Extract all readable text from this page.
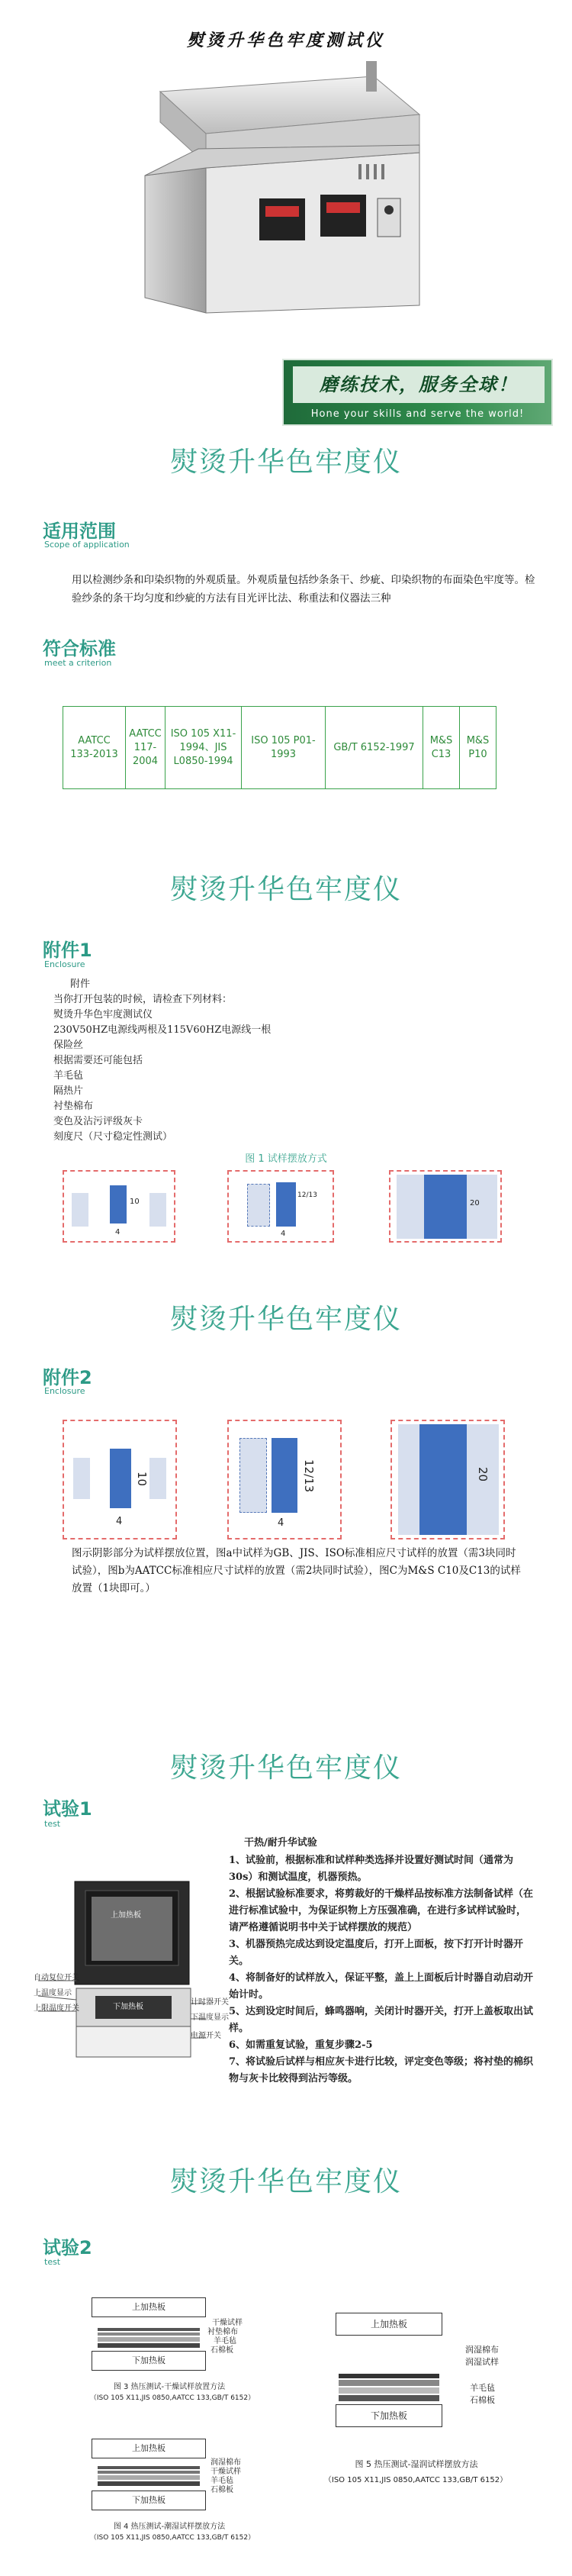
熨烫升华色牢度测试仪
磨练技术，服务全球！
Hone your skills and serve the world!
熨烫升华色牢度仪
适用范围
Scope of application
用以检测纱条和印染织物的外观质量。外观质量包括纱条条干、纱疵、印染织物的布面染色牢度等。检验纱条的条干均匀度和纱疵的方法有目光评比法、称重法和仪器法三种
符合标准
meet a criterion
AATCC 133-2013	AATCC 117-2004	ISO 105 X11-1994、JIS L0850-1994	ISO 105 P01-1993	GB/T 6152-1997	M&S C13	M&S P10
熨烫升华色牢度仪
附件1
Enclosure
附件
当你打开包装的时候，请检查下列材料：
熨烫升华色牢度测试仪
230V50HZ电源线两根及115V60HZ电源线一根
保险丝
根据需要还可能包括
羊毛毡
隔热片
衬垫棉布
变色及沾污评级灰卡
刻度尺（尺寸稳定性测试）
图 1 试样摆放方式
10
4
12/13
4
20
熨烫升华色牢度仪
附件2
Enclosure
10
4
12/13
4
20
图示阴影部分为试样摆放位置，图a中试样为GB、JIS、ISO标准相应尺寸试样的放置（需3块同时试验），图b为AATCC标准相应尺寸试样的放置（需2块同时试验），图C为M&S C10及C13的试样放置（1块即可。）
熨烫升华色牢度仪
试验1
test
上加热板
下加热板
自动复位开关
上温度显示
上限温度开关
计时器开关
下温度显示
电源开关
干热/耐升华试验
1、试验前，根据标准和试样种类选择并设置好测试时间（通常为30s）和测试温度，机器预热。
2、根据试验标准要求，将剪裁好的干燥样品按标准方法制备试样（在进行标准试验中，为保证织物上方压强准确，在进行多试样试验时，请严格遵循说明书中关于试样摆放的规范）
3、机器预热完成达到设定温度后，打开上面板，按下打开计时器开关。
4、将制备好的试样放入，保证平整，盖上上面板后计时器自动启动开始计时。
5、达到设定时间后，蜂鸣器响，关闭计时器开关，打开上盖板取出试样。
6、如需重复试验，重复步骤2-5
7、将试验后试样与相应灰卡进行比较，评定变色等级；将衬垫的棉织物与灰卡比较得到沾污等级。
熨烫升华色牢度仪
试验2
test
上加热板
下加热板
干燥试样
衬垫棉布
羊毛毡
石棉板
图 3 热压测试-干燥试样放置方法
（ISO 105 X11,JIS 0850,AATCC 133,GB/T 6152）
上加热板
下加热板
润湿棉布
干燥试样
羊毛毡
石棉板
图 4 热压测试-潮湿试样摆放方法
（ISO 105 X11,JIS 0850,AATCC 133,GB/T 6152）
上加热板
下加热板
润湿棉布
润湿试样
羊毛毡
石棉板
图 5 热压测试-湿润试样摆放方法
（ISO 105 X11,JIS 0850,AATCC 133,GB/T 6152）
